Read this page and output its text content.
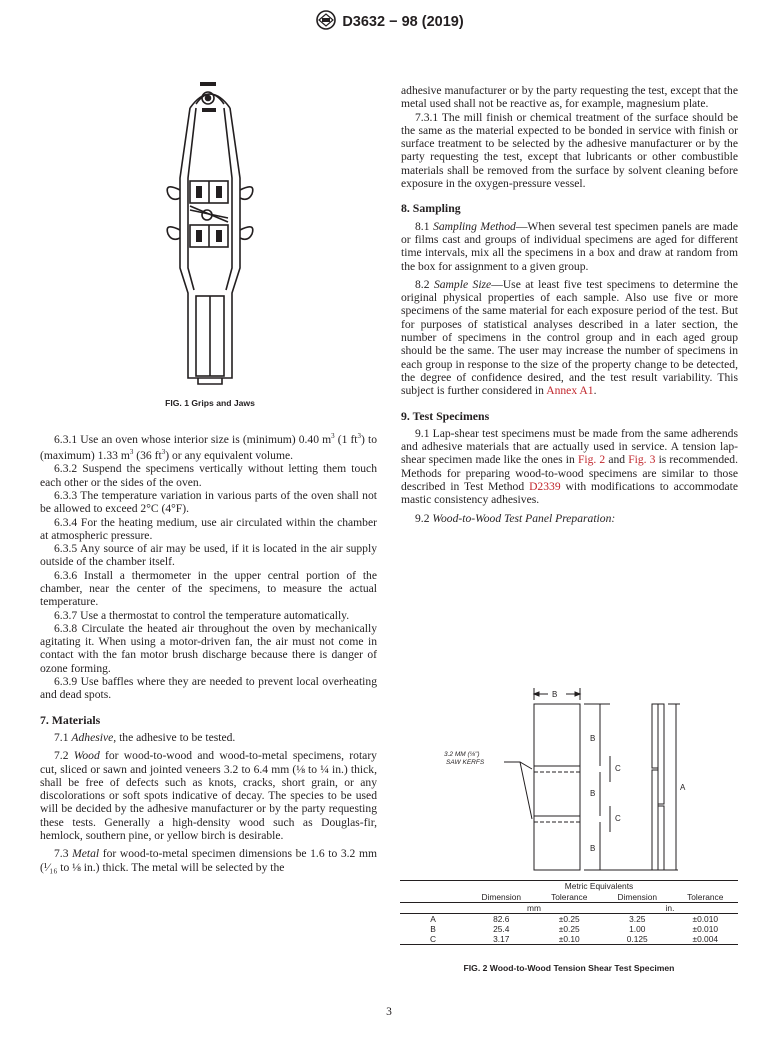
D3632 − 98 (2019)
FIG. 1 Grips and Jaws

6.3.1 Use an oven whose interior size is (minimum) 0.40 $m^3$ (1 $ft^3$) to (maximum) 1.33 $m^3$ (36 $ft^3$) or any equivalent volume.

6.3.2 Suspend the specimens vertically without letting them touch each other or the sides of the oven.

6.3.3 The temperature variation in various parts of the oven shall not be allowed to exceed 2°C (4°F).

6.3.4 For the heating medium, use air circulated within the chamber at atmospheric pressure.

6.3.5 Any source of air may be used, if it is located in the air supply outside of the chamber itself.

6.3.6 Install a thermometer in the upper central portion of the chamber, near the center of the specimens, to measure the actual temperature.

6.3.7 Use a thermostat to control the temperature automatically.

6.3.8 Circulate the heated air throughout the oven by mechanically agitating it. When using a motor-driven fan, the air must not come in contact with the fan motor brush discharge because there is danger of ozone forming.

6.3.9 Use baffles where they are needed to prevent local overheating and dead spots.

7. Materials

7.1 Adhesive, the adhesive to be tested.

7.2 Wood for wood-to-wood and wood-to-metal specimens, rotary cut, sliced or sawn and jointed veneers 3.2 to 6.4 mm (⅛ to ¼ in.) thick, shall be free of defects such as knots, cracks, short grain, or any discolorations or soft spots indicative of decay. The species to be used will be decided by the adhesive manufacturer or by the party requesting these tests. Generally a high-density wood such as Douglas-fir, hemlock, southern pine, or yellow birch is desirable.

7.3 Metal for wood-to-metal specimen dimensions be 1.6 to 3.2 mm (¹⁄₁₆ to ⅛ in.) thick. The metal will be selected by the

adhesive manufacturer or by the party requesting the test, except that the metal used shall not be reactive as, for example, magnesium plate.

7.3.1 The mill finish or chemical treatment of the surface should be the same as the material expected to be bonded in service with finish or surface treatment to be selected by the adhesive manufacturer or by the party requesting the test, except that lubricants or other combustible materials shall be removed from the surface by solvent cleaning before exposure in the oxygen-pressure vessel.

8. Sampling

8.1 Sampling Method—When several test specimen panels are made or films cast and groups of individual specimens are aged for different time intervals, mix all the specimens in a box and draw at random from the box for assignment to a given group.

8.2 Sample Size—Use at least five test specimens to determine the original physical properties of each sample. Also use five or more specimens of the same material for each exposure period of the test. But for purposes of statistical analyses described in a later section, the number of specimens in the control group and in each aged group should be the same. The user may increase the number of specimens in each group in response to the size of the property change to be detected, the degree of confidence desired, and the test result variability. This subject is further considered in Annex A1.

9. Test Specimens

9.1 Lap-shear test specimens must be made from the same adherends and adhesive materials that are actually used in service. A tension lap-shear specimen made like the ones in Fig. 2 and Fig. 3 is recommended. Methods for preparing wood-to-wood specimens are similar to those described in Test Method D2339 with modifications to accommodate mastic consistency adhesives.

9.2 Wood-to-Wood Test Panel Preparation:

B
B
C
B
C
B
A
3.2 MM (⅛")
SAW KERFS
Metric Equivalents
	Dimension	Tolerance	Dimension	Tolerance
	mm		in.	
A	82.6	±0.25	3.25	±0.010
B	25.4	±0.25	1.00	±0.010
C	3.17	±0.10	0.125	±0.004
FIG. 2 Wood-to-Wood Tension Shear Test Specimen
3
